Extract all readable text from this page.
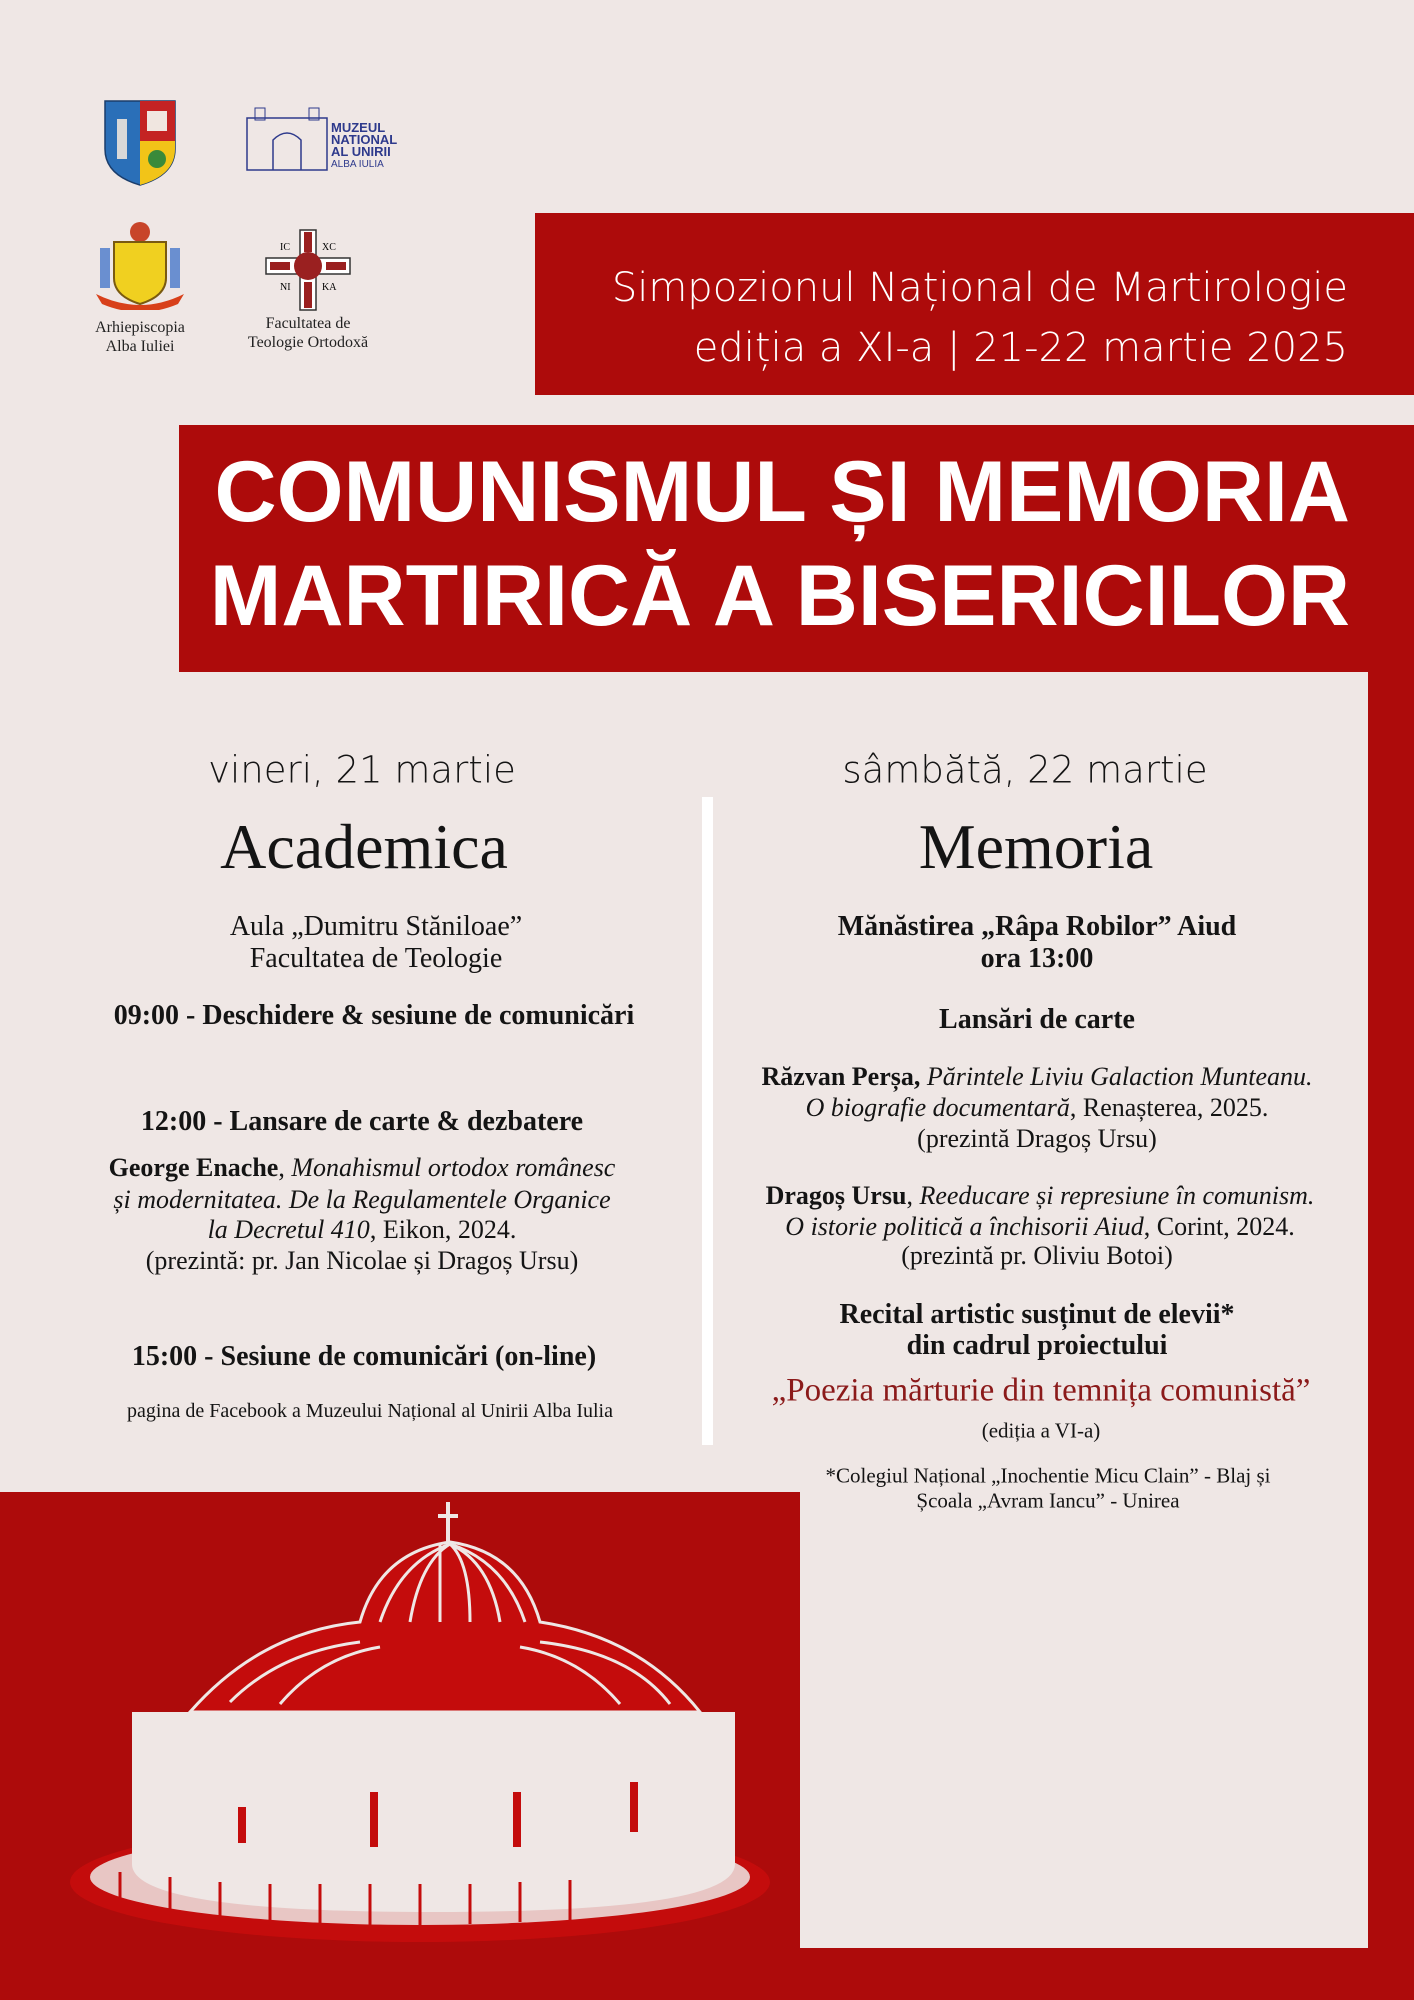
MUZEUL
NATIONAL
AL UNIRII
ALBA IULIA
Arhiepiscopia
Alba Iuliei
IC	XC
NI	KA
Facultatea de
Teologie Ortodoxă
Simpozionul Național de Martirologie
ediția a XI-a | 21-22 martie 2025
COMUNISMUL ȘI MEMORIA
MARTIRICĂ A BISERICILOR
vineri, 21 martie
Academica
Aula „Dumitru Stăniloae”
Facultatea de Teologie
09:00 - Deschidere & sesiune de comunicări
12:00 - Lansare de carte & dezbatere
George Enache, Monahismul ortodox românesc
și modernitatea. De la Regulamentele Organice
la Decretul 410, Eikon, 2024.
(prezintă: pr. Jan Nicolae și Dragoș Ursu)
15:00 - Sesiune de comunicări (on-line)
pagina de Facebook a Muzeului Național al Unirii Alba Iulia
sâmbătă, 22 martie
Memoria
Mănăstirea „Râpa Robilor” Aiud
ora 13:00
Lansări de carte
Răzvan Perșa, Părintele Liviu Galaction Munteanu.
O biografie documentară, Renașterea, 2025.
(prezintă Dragoș Ursu)
Dragoș Ursu, Reeducare și represiune în comunism.
O istorie politică a închisorii Aiud, Corint, 2024.
(prezintă pr. Oliviu Botoi)
Recital artistic susținut de elevii*
din cadrul proiectului
„Poezia mărturie din temnița comunistă”
(ediția a VI-a)
*Colegiul Național „Inochentie Micu Clain” - Blaj și
Școala „Avram Iancu” - Unirea
